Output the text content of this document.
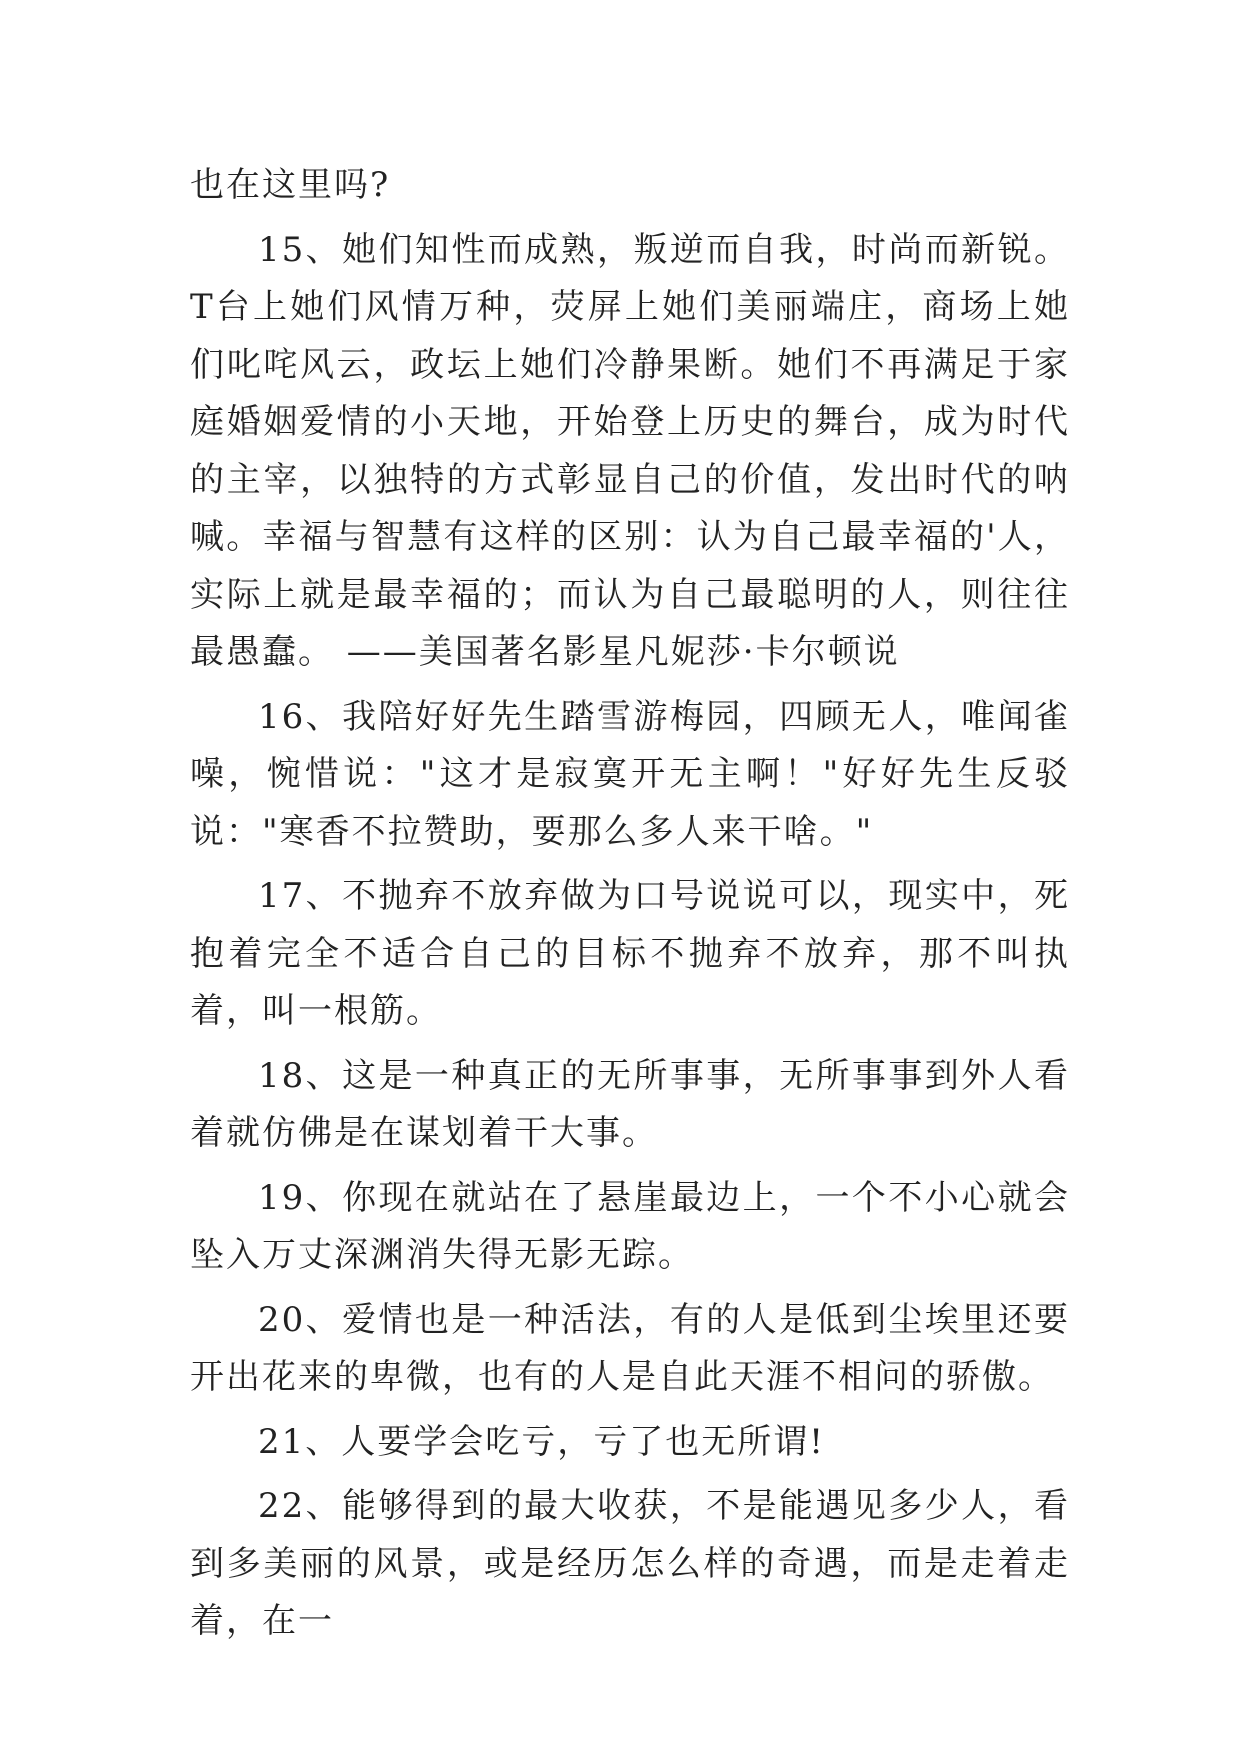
也在这里吗?

15、她们知性而成熟，叛逆而自我，时尚而新锐。T台上她们风情万种，荧屏上她们美丽端庄，商场上她们叱咤风云，政坛上她们冷静果断。她们不再满足于家庭婚姻爱情的小天地，开始登上历史的舞台，成为时代的主宰，以独特的方式彰显自己的价值，发出时代的呐喊。幸福与智慧有这样的区别：认为自己最幸福的'人，实际上就是最幸福的；而认为自己最聪明的人，则往往最愚蠢。 ——美国著名影星凡妮莎·卡尔顿说

16、我陪好好先生踏雪游梅园，四顾无人，唯闻雀噪，惋惜说："这才是寂寞开无主啊！"好好先生反驳说："寒香不拉赞助，要那么多人来干啥。"

17、不抛弃不放弃做为口号说说可以，现实中，死抱着完全不适合自己的目标不抛弃不放弃，那不叫执着，叫一根筋。

18、这是一种真正的无所事事，无所事事到外人看着就仿佛是在谋划着干大事。

19、你现在就站在了悬崖最边上，一个不小心就会坠入万丈深渊消失得无影无踪。

20、爱情也是一种活法，有的人是低到尘埃里还要开出花来的卑微，也有的人是自此天涯不相问的骄傲。

21、人要学会吃亏，亏了也无所谓!

22、能够得到的最大收获，不是能遇见多少人，看到多美丽的风景，或是经历怎么样的奇遇，而是走着走着，在一
